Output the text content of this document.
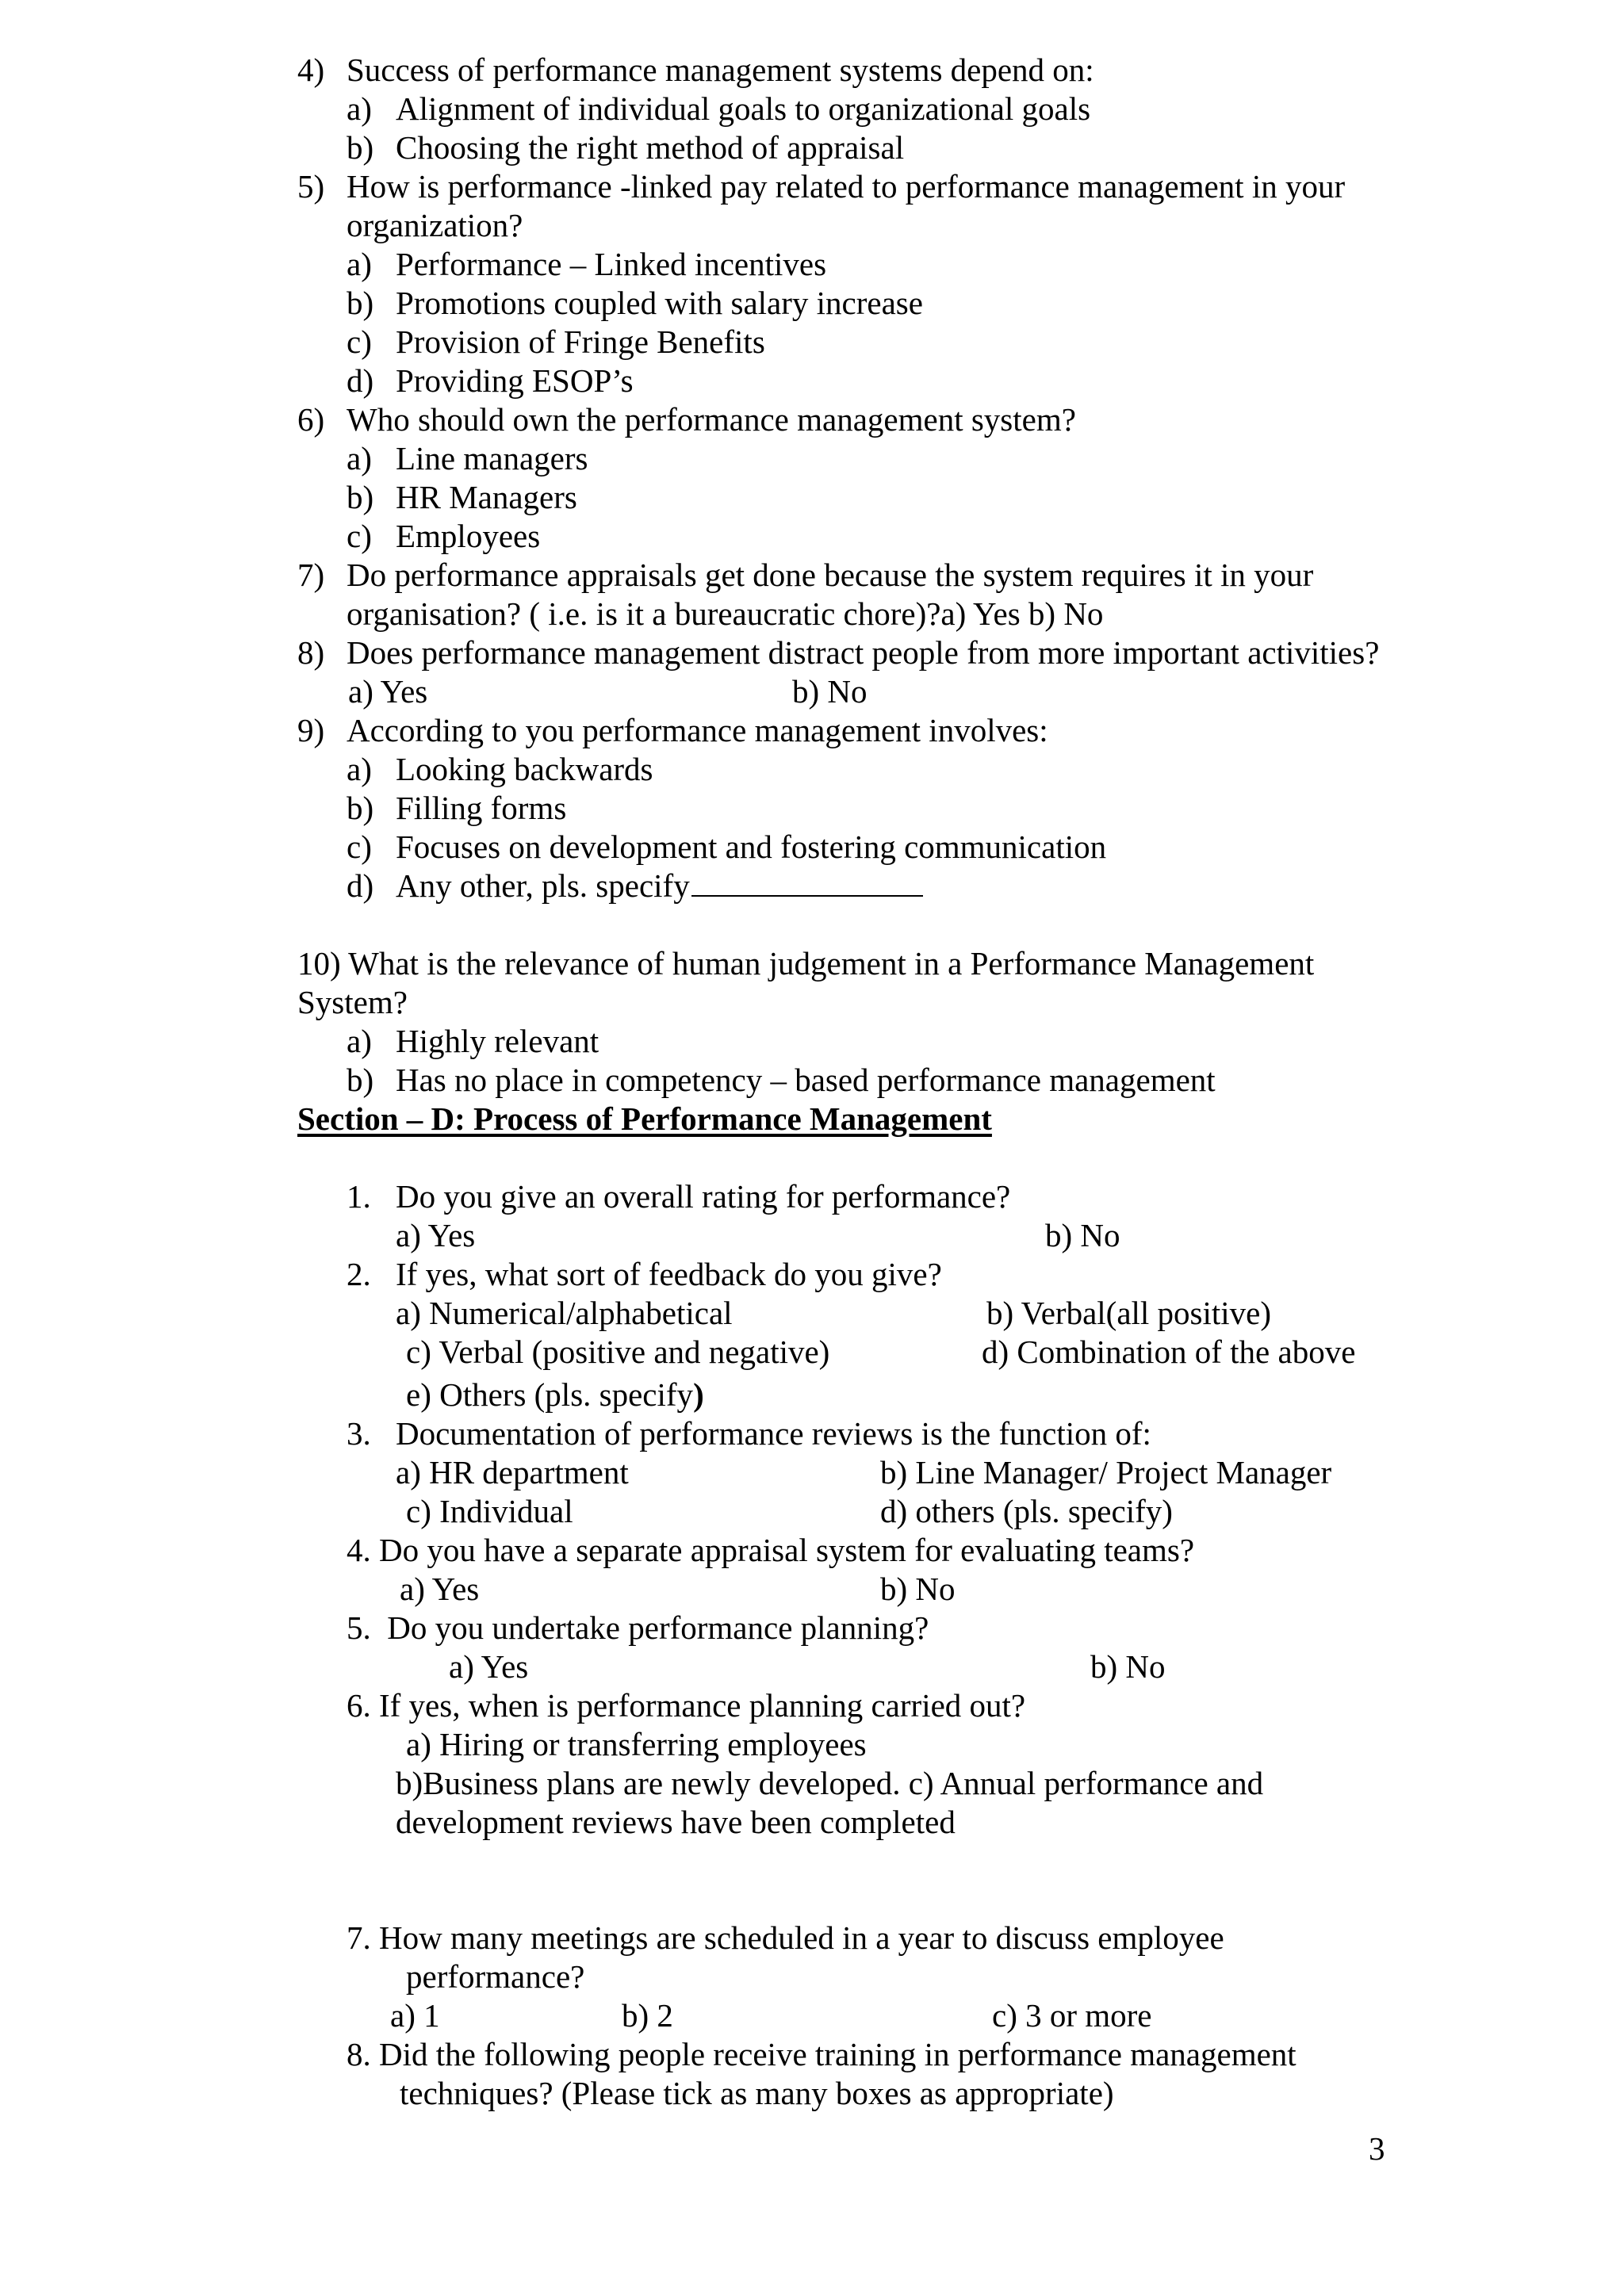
4) Success of performance management systems depend on:
a) Alignment of individual goals to organizational goals
b) Choosing the right method of appraisal
5) How is performance -linked pay related to performance management in your
organization?
a) Performance – Linked incentives
b) Promotions coupled with salary increase
c) Provision of Fringe Benefits
d) Providing ESOP’s
6) Who should own the performance management system?
a) Line managers
b) HR Managers
c) Employees
7) Do performance appraisals get done because the system requires it in your
organisation? ( i.e. is it a bureaucratic chore)?a) Yes b) No
8) Does performance management distract people from more important activities?
a) Yes	b) No
9) According to you performance management involves:
a) Looking backwards
b) Filling forms
c) Focuses on development and fostering communication
d) Any other, pls. specify
10) What is the relevance of human judgement in a Performance Management
System?
a) Highly relevant
b) Has no place in competency – based performance management
Section – D: Process of Performance Management
1. Do you give an overall rating for performance?
a) Yes	b) No
2. If yes, what sort of feedback do you give?
a) Numerical/alphabetical	b) Verbal(all positive)
c) Verbal (positive and negative)	d) Combination of the above
e) Others (pls. specify)
3. Documentation of performance reviews is the function of:
a) HR department	b) Line Manager/ Project Manager
c) Individual	d) others (pls. specify)
4. Do you have a separate appraisal system for evaluating teams?
a) Yes	b) No
5.  Do you undertake performance planning?
a) Yes	b) No
6. If yes, when is performance planning carried out?
a) Hiring or transferring employees
b)Business plans are newly developed. c) Annual performance and
development reviews have been completed
7. How many meetings are scheduled in a year to discuss employee
performance?
a) 1	b) 2	c) 3 or more
8. Did the following people receive training in performance management
techniques? (Please tick as many boxes as appropriate)
3
